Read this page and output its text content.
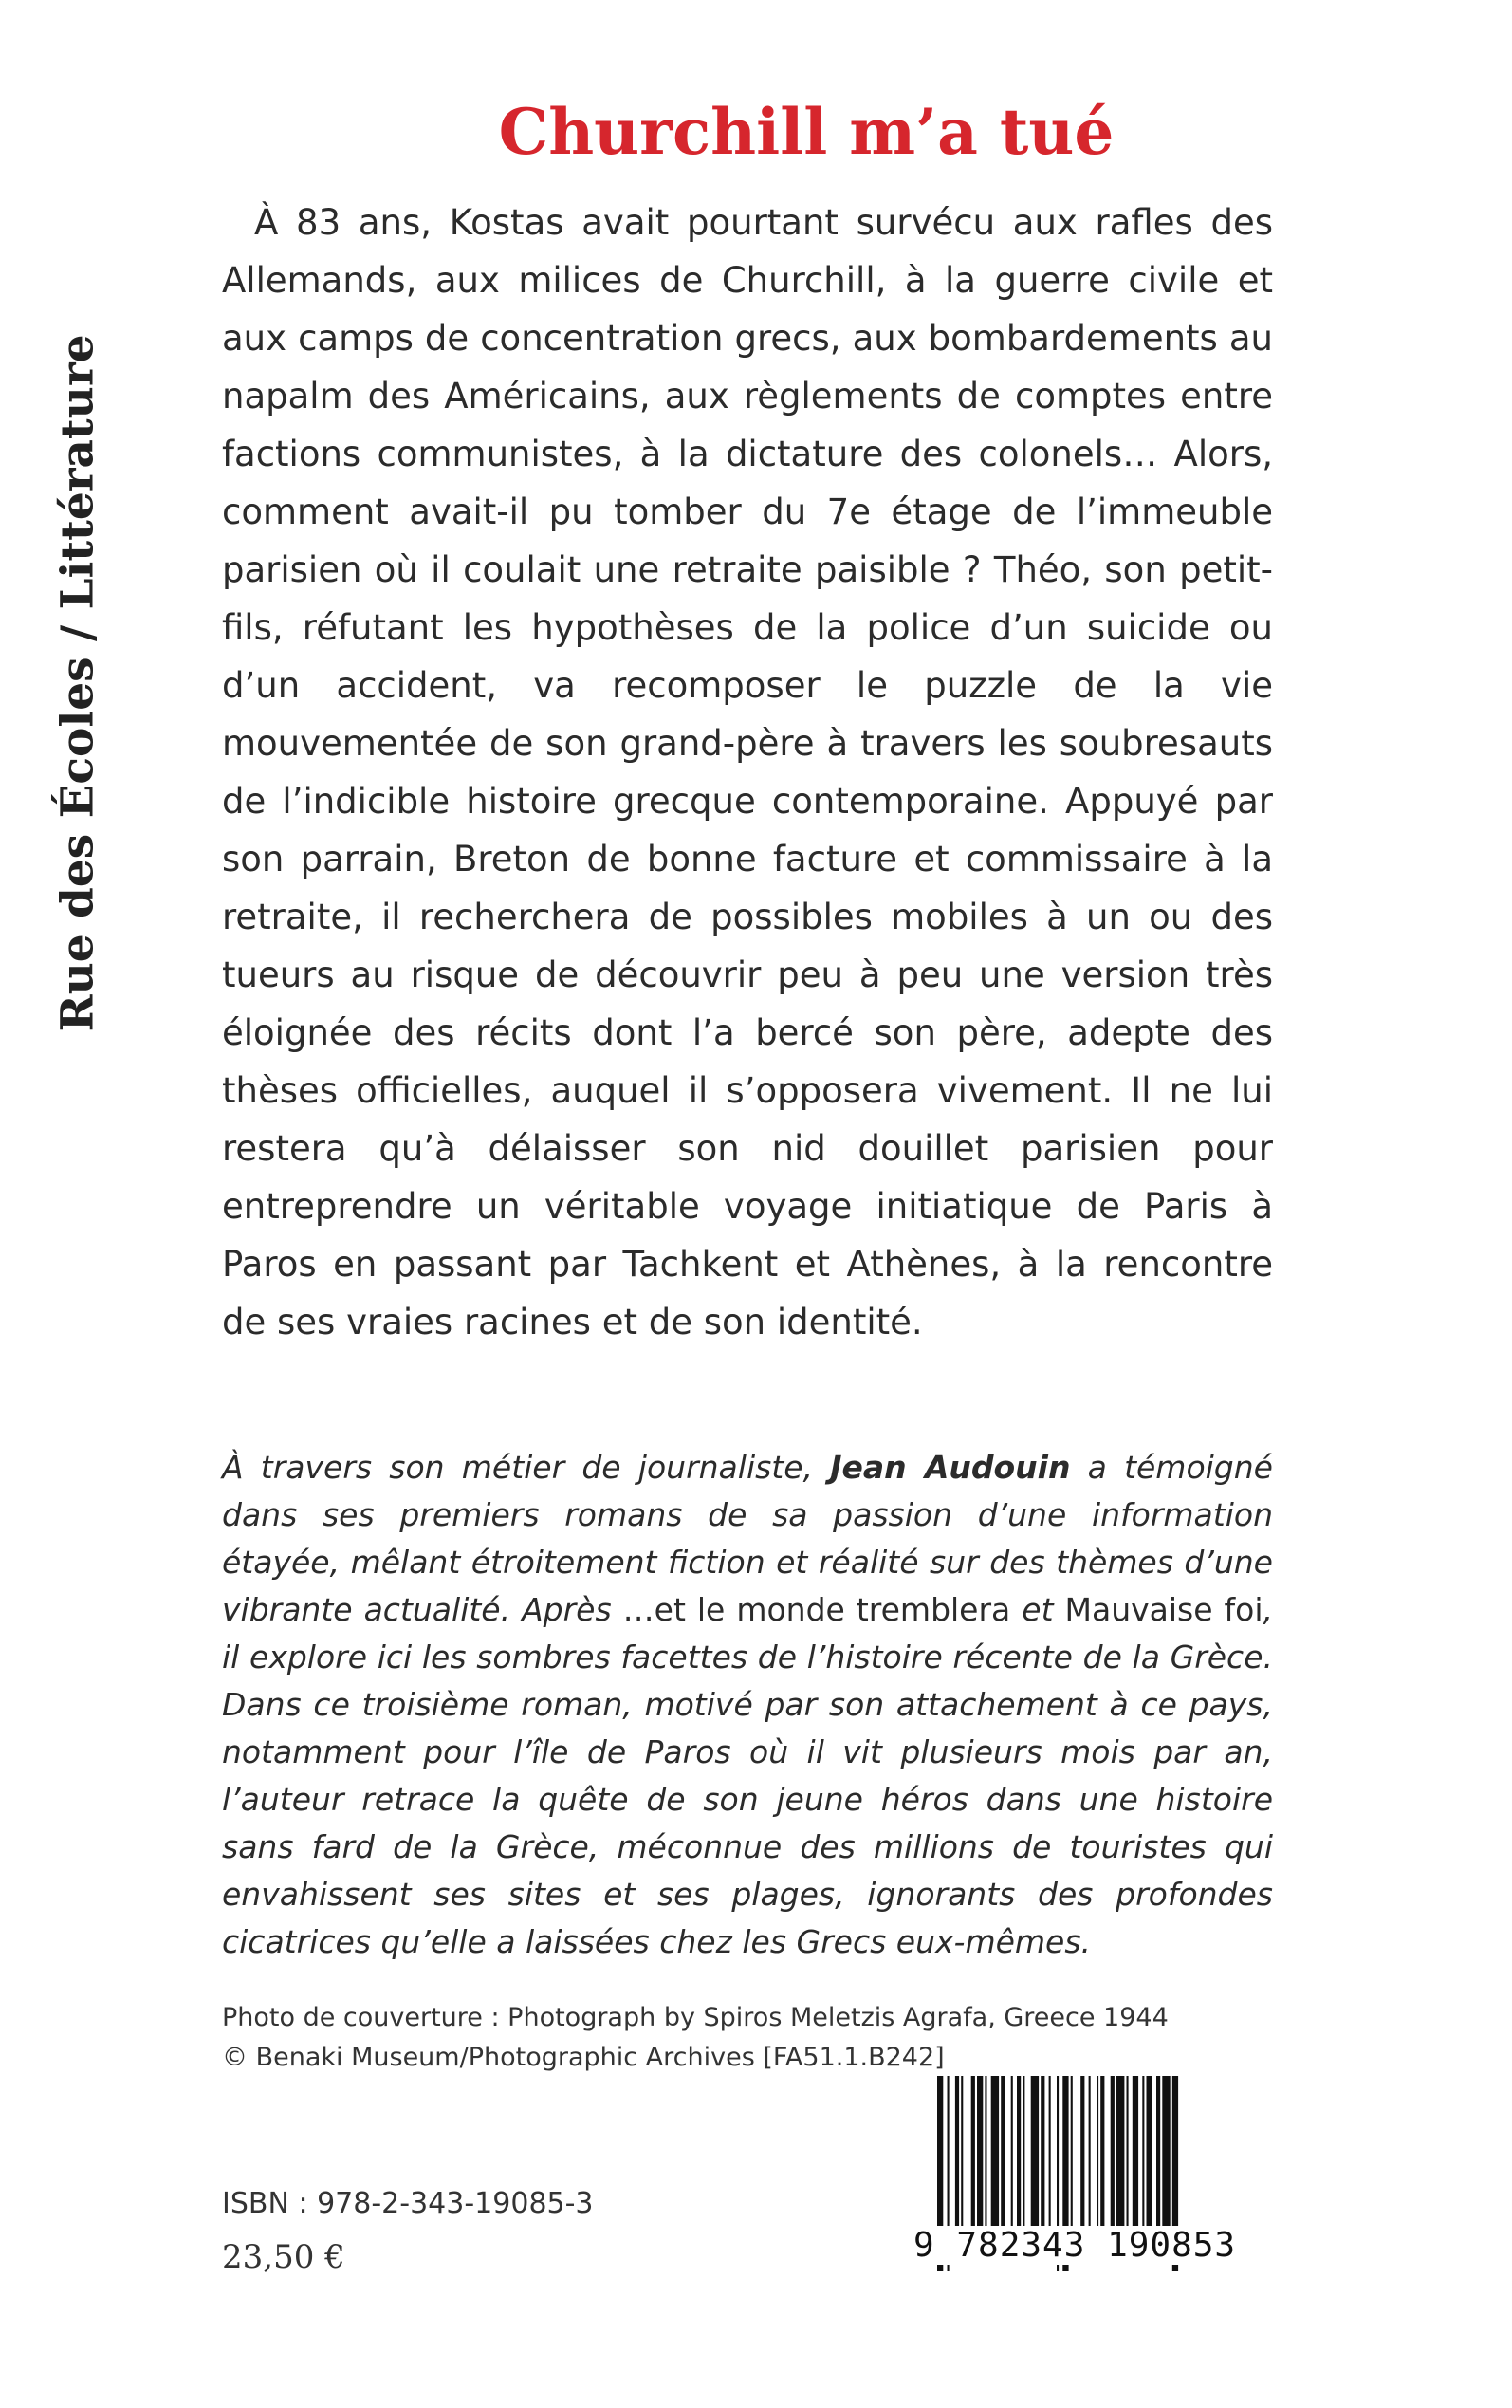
Rue des Écoles / Littérature
Churchill m’a tué
À 83 ans, Kostas avait pourtant survécu aux rafles des Allemands, aux milices de Churchill, à la guerre civile et aux camps de concentration grecs, aux bombardements au napalm des Américains, aux règlements de comptes entre factions communistes, à la dictature des colonels… Alors, comment avait-il pu tomber du 7e étage de l’immeuble parisien où il coulait une retraite paisible ? Théo, son petit-fils, réfutant les hypothèses de la police d’un suicide ou d’un accident, va recomposer le puzzle de la vie mouvementée de son grand-père à travers les soubresauts de l’indicible histoire grecque contemporaine. Appuyé par son parrain, Breton de bonne facture et commissaire à la retraite, il recherchera de possibles mobiles à un ou des tueurs au risque de découvrir peu à peu une version très éloignée des récits dont l’a bercé son père, adepte des thèses officielles, auquel il s’opposera vivement. Il ne lui restera qu’à délaisser son nid douillet parisien pour entreprendre un véritable voyage initiatique de Paris à Paros en passant par Tachkent et Athènes, à la rencontre de ses vraies racines et de son identité.
À travers son métier de journaliste, Jean Audouin a témoigné dans ses premiers romans de sa passion d’une information étayée, mêlant étroitement fiction et réalité sur des thèmes d’une vibrante actualité. Après …et le monde tremblera et Mauvaise foi, il explore ici les sombres facettes de l’histoire récente de la Grèce. Dans ce troisième roman, motivé par son attachement à ce pays, notamment pour l’île de Paros où il vit plusieurs mois par an, l’auteur retrace la quête de son jeune héros dans une histoire sans fard de la Grèce, méconnue des millions de touristes qui envahissent ses sites et ses plages, ignorants des profondes cicatrices qu’elle a laissées chez les Grecs eux-mêmes.
Photo de couverture : Photograph by Spiros Meletzis Agrafa, Greece 1944
© Benaki Museum/Photographic Archives [FA51.1.B242]
ISBN : 978-2-343-19085-3
23,50 €	9 782343 190853
